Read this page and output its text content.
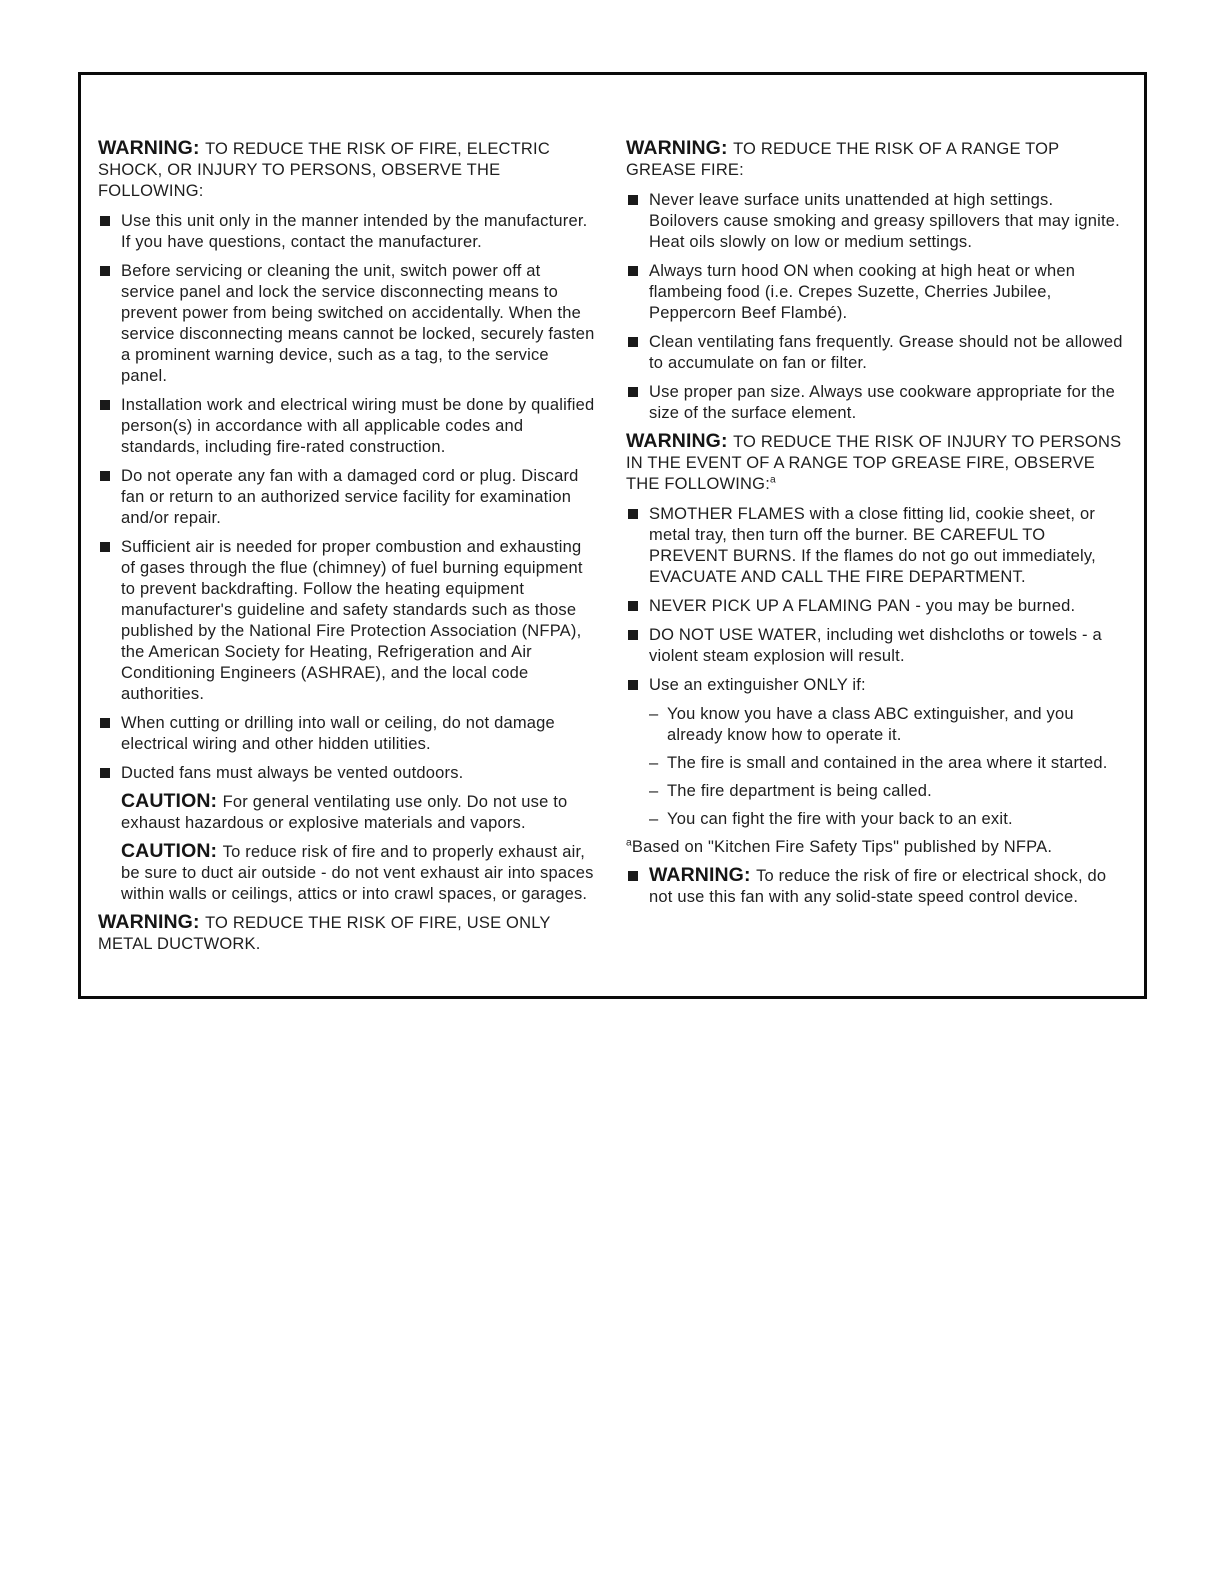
WARNING: TO REDUCE THE RISK OF FIRE, ELECTRIC SHOCK, OR INJURY TO PERSONS, OBSERVE THE FOLLOWING:
Use this unit only in the manner intended by the manufacturer. If you have questions, contact the manufacturer.
Before servicing or cleaning the unit, switch power off at service panel and lock the service disconnecting means to prevent power from being switched on accidentally. When the service disconnecting means cannot be locked, securely fasten a prominent warning device, such as a tag, to the service panel.
Installation work and electrical wiring must be done by qualified person(s) in accordance with all applicable codes and standards, including fire-rated construction.
Do not operate any fan with a damaged cord or plug. Discard fan or return to an authorized service facility for examination and/or repair.
Sufficient air is needed for proper combustion and exhausting of gases through the flue (chimney) of fuel burning equipment to prevent backdrafting. Follow the heating equipment manufacturer's guideline and safety standards such as those published by the National Fire Protection Association (NFPA), the American Society for Heating, Refrigeration and Air Conditioning Engineers (ASHRAE), and the local code authorities.
When cutting or drilling into wall or ceiling, do not damage electrical wiring and other hidden utilities.
Ducted fans must always be vented outdoors.
CAUTION: For general ventilating use only. Do not use to exhaust hazardous or explosive materials and vapors.
CAUTION: To reduce risk of fire and to properly exhaust air, be sure to duct air outside - do not vent exhaust air into spaces within walls or ceilings, attics or into crawl spaces, or garages.
WARNING: TO REDUCE THE RISK OF FIRE, USE ONLY METAL DUCTWORK.
WARNING: TO REDUCE THE RISK OF A RANGE TOP GREASE FIRE:
Never leave surface units unattended at high settings. Boilovers cause smoking and greasy spillovers that may ignite. Heat oils slowly on low or medium settings.
Always turn hood ON when cooking at high heat or when flambeing food (i.e. Crepes Suzette, Cherries Jubilee, Peppercorn Beef Flambé).
Clean ventilating fans frequently. Grease should not be allowed to accumulate on fan or filter.
Use proper pan size. Always use cookware appropriate for the size of the surface element.
WARNING: TO REDUCE THE RISK OF INJURY TO PERSONS IN THE EVENT OF A RANGE TOP GREASE FIRE, OBSERVE THE FOLLOWING:$^a$
SMOTHER FLAMES with a close fitting lid, cookie sheet, or metal tray, then turn off the burner. BE CAREFUL TO PREVENT BURNS. If the flames do not go out immediately, EVACUATE AND CALL THE FIRE DEPARTMENT.
NEVER PICK UP A FLAMING PAN - you may be burned.
DO NOT USE WATER, including wet dishcloths or towels - a violent steam explosion will result.
Use an extinguisher ONLY if:
– You know you have a class ABC extinguisher, and you already know how to operate it.
– The fire is small and contained in the area where it started.
– The fire department is being called.
– You can fight the fire with your back to an exit.
$^a$Based on "Kitchen Fire Safety Tips" published by NFPA.
WARNING: To reduce the risk of fire or electrical shock, do not use this fan with any solid-state speed control device.
